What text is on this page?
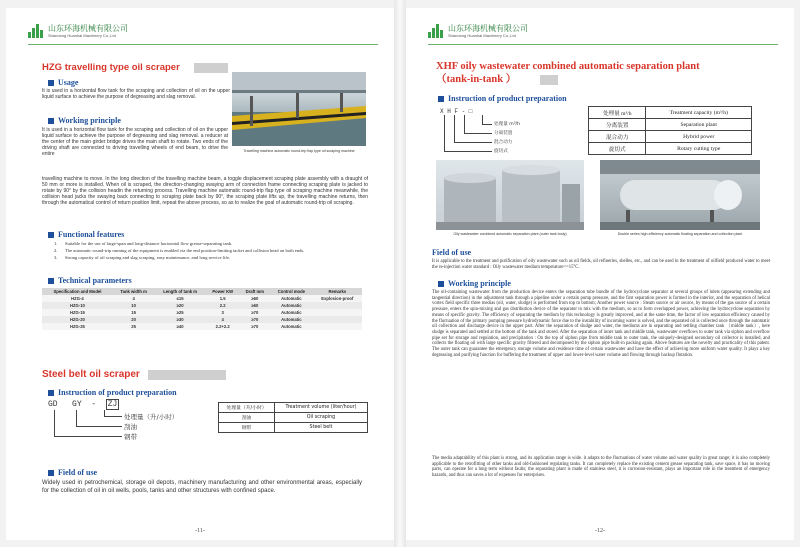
山东环海机械有限公司
Shandong Huanhai Machinery Co.,Ltd
HZG travelling type oil scraper
Usage
It is used in a horizontal flow tank for the scraping and collection of oil on the upper liquid surface to achieve the purpose of degreasing and slag removal.
Working principle
It is used in a horizontal flow tank for the scraping and collection of oil on the upper liquid surface to achieve the purpose of degreasing and slag removal. a reducer at the center of the main girder bridge drives the main shaft to rotate. Two ends of the driving shaft are connected to driving travelling wheels of end beam, to drive the entire
travelling machine to move. In the long direction of the travelling machine beam, a toggle displacement scraping plate assembly with a draught of 50 mm or more is installed. When oil is scraped, the direction-changing swaying arm of connection frame connecting scraping plate is jacked to rotate by 90° by the collision headin the returning process. Travelling machine automatic round-trip flap type oil scraping machine meanwhile, the collision head jacks the swaying back connecting to scraping plate back by 90°, the scraping plate lifts up, the travelling machine returns, then through the automatical control of return position limit, repeat the above process, so as to realize the goal of automatic round-trip oil scraping.
Travelling machine automatic round-trip flap type oil scraping machine
Functional features
1.	Suitable for the use of large-span and long-distance horizontal flow grease-separating tank.
2.	The automatic round-trip running of the equipment is enabled via the end position-limiting tacket and collision head on both ends.
3.	Strong capacity of oil scraping and slag scraping, easy maintenance, and long service life.
Technical parameters
Specification and Model	Tank width m	Length of tank m	Power KW	Draft mm	Control mode	Remarks
HZG-4	4	≤15	1.5	≥60	Automatic	Explosion-proof
HZG-10	10	≥20	2.2	≥60	Automatic	
HZG-15	15	≥25	3	≥70	Automatic	
HZG-20	20	≥30	4	≥70	Automatic	
HZG-25	25	≥40	2.2+2.2	≥70	Automatic	
Steel belt oil scraper
Instruction of product preparation
GD GY  -  ZJ
处理量（升/小时）
刮油
钢带
处理量（升/小时）	Treatment volume (liter/hour)
刮油	Oil scraping
钢带	Steel belt
Field of use
Widely used in petrochemical, storage oil depots, machinery manufacturing and other environmental areas, especially for the collection of oil in oil wells, pools, tanks and other structures with confined space.
-11-
山东环海机械有限公司
Shandong Huanhai Machinery Co.,Ltd
XHF oily wastewater combined automatic separation plant
（tank-in-tank ）
Instruction of product preparation
X H F - □
处理量 m³/h
分离装置
混合动力
旋切式
处理量 m³/h	Treatment capacity (m³/h)
分离装置	Separation plant
混合动力	Hybrid power
旋切式	Rotary cutting type
Oily wastewater combined automatic separation plant (outer tank body)	Double series high-efficiency automatic floating separation and collection plant
Field of use
It is applicable to the treatment and purification of oily wastewater such as oil fields, oil refineries, shelles, etc., and can be used in the treatment of oilfield produced water to meet the re-injection water standard : Oily wastewater medium temperature<=15°C.
Working principle
The oil-containing wastewater from the production device enters the separation tube bundle of the hydrocyclone separator at several groups of inlets (appearing extending and tangential direction) in the adjustment tank through a pipeline under a certain pump pressure, and the first separation power is formed in the interior, and the separation of helical vortex field specific three medias (oil, water, sludge) is performed from top to bottom; Another power source : Steam source or air source, by means of the gas source of a certain pressure, enters the spin-mixing and gas distribution device of the separator to mix with the medium, so as to form overlapped power, achieving the hydrocyclone separation by means of specific gravity. The efficiency of separating the medium by this technology is greatly improved, and at the same time, the factor of low separation efficiency caused by the fluctuation of the primary pumping pressure hydrodynamic force due to the instability of incoming water is solved, and the separated oil is collected once through the automatic oil collection and discharge device in the upper part. After the separation of sludge and water, the mediums are in separating and settling chamber tank （middle tank）, here sludge is separated and settled at the bottom of the tank and stored. After the separation of inner tank and middle tank, wastewater overflows to outer tank via siphon and overflow pipe set for storage and regulation, and precipitation : On the top of siphon pipe from middle tank to outer tank, the uniquely-designed secondary oil collector is installed, and collects the floating oil with large specific gravity filtered and decomposed by the siphon pipe built-in packing again. Above features are the novelty and practicality of this patent. The outer tank can guarantee the emergency storage volume and residence time of certain wastewater and have the effect of achieving more uniform water quality. It plays a key degreasing and purifying function for buffering the treatment of upper and lower-level water volume and flowing through backup flotation.
The media adaptability of this plant is strong, and its application range is wide. it adapts to the fluctuations of water volume and water quality in great range; it is also completely applicable to the retrofitting of other tanks and old-fashioned regulating tanks. It can completely replace the existing cement grease separating tank, save space, it has no moving parts, can operate for a long term without faults; the separating plant is made of stainless steel, it is corrosion-resistant, plays an important role in the treatment of emergency hazards, and thus can saves a lot of expenses for enterprises.
-12-
